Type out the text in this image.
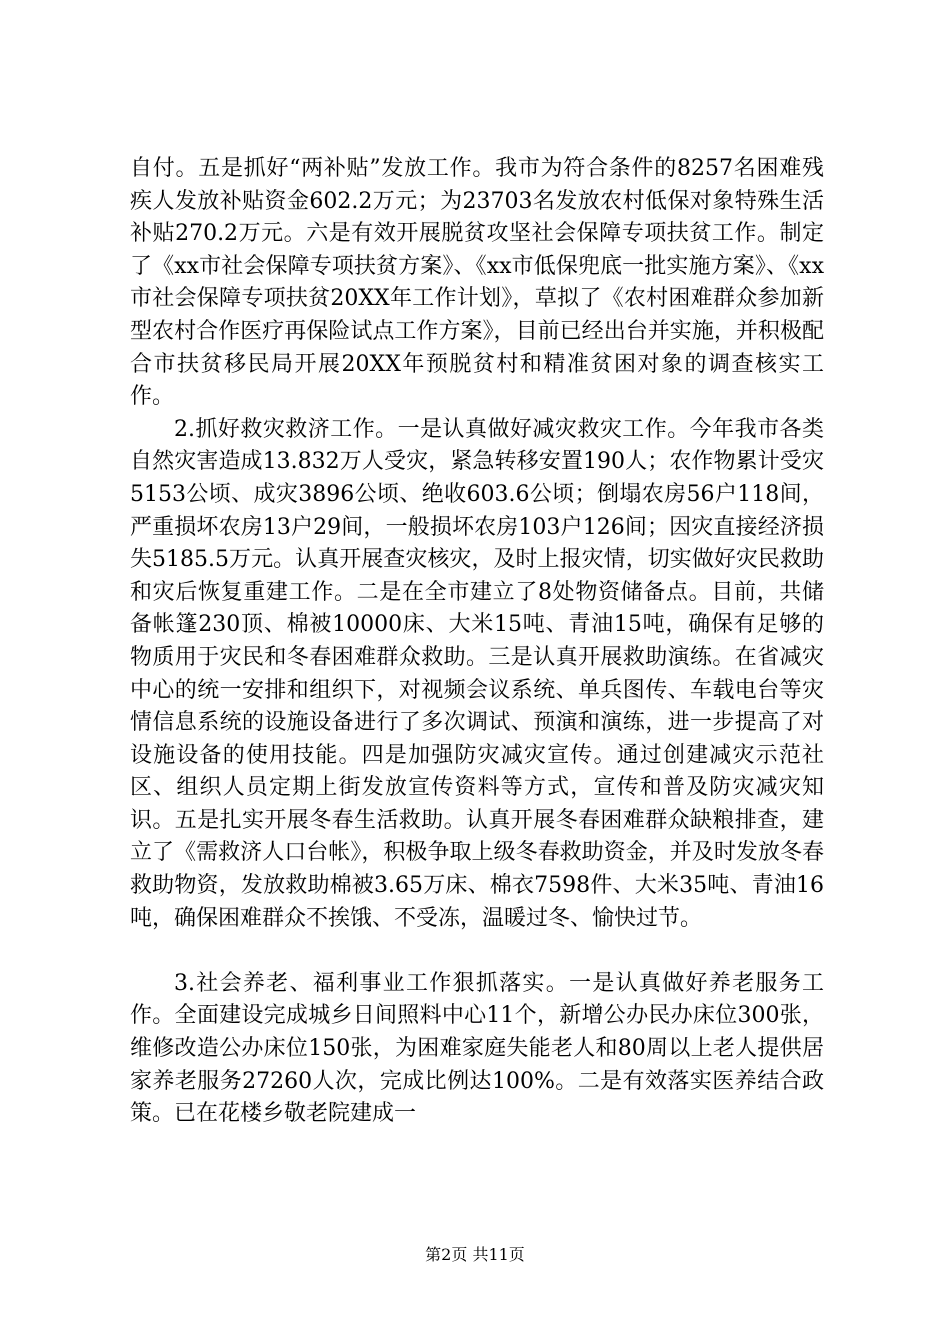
自付。五是抓好“两补贴”发放工作。我市为符合条件的8257名困难残疾人发放补贴资金602.2万元；为23703名发放农村低保对象特殊生活补贴270.2万元。六是有效开展脱贫攻坚社会保障专项扶贫工作。制定了《xx市社会保障专项扶贫方案》、《xx市低保兜底一批实施方案》、《xx市社会保障专项扶贫20XX年工作计划》，草拟了《农村困难群众参加新型农村合作医疗再保险试点工作方案》，目前已经出台并实施，并积极配合市扶贫移民局开展20XX年预脱贫村和精准贫困对象的调查核实工作。

2.抓好救灾救济工作。一是认真做好减灾救灾工作。今年我市各类自然灾害造成13.832万人受灾，紧急转移安置190人；农作物累计受灾5153公顷、成灾3896公顷、绝收603.6公顷；倒塌农房56户118间，严重损坏农房13户29间，一般损坏农房103户126间；因灾直接经济损失5185.5万元。认真开展查灾核灾，及时上报灾情，切实做好灾民救助和灾后恢复重建工作。二是在全市建立了8处物资储备点。目前，共储备帐篷230顶、棉被10000床、大米15吨、青油15吨，确保有足够的物质用于灾民和冬春困难群众救助。三是认真开展救助演练。在省减灾中心的统一安排和组织下，对视频会议系统、单兵图传、车载电台等灾情信息系统的设施设备进行了多次调试、预演和演练，进一步提高了对设施设备的使用技能。四是加强防灾减灾宣传。通过创建减灾示范社区、组织人员定期上街发放宣传资料等方式，宣传和普及防灾减灾知识。五是扎实开展冬春生活救助。认真开展冬春困难群众缺粮排查，建立了《需救济人口台帐》，积极争取上级冬春救助资金，并及时发放冬春救助物资，发放救助棉被3.65万床、棉衣7598件、大米35吨、青油16吨，确保困难群众不挨饿、不受冻，温暖过冬、愉快过节。

3.社会养老、福利事业工作狠抓落实。一是认真做好养老服务工作。全面建设完成城乡日间照料中心11个，新增公办民办床位300张，维修改造公办床位150张，为困难家庭失能老人和80周以上老人提供居家养老服务27260人次，完成比例达100%。二是有效落实医养结合政策。已在花楼乡敬老院建成一

第2页 共11页
